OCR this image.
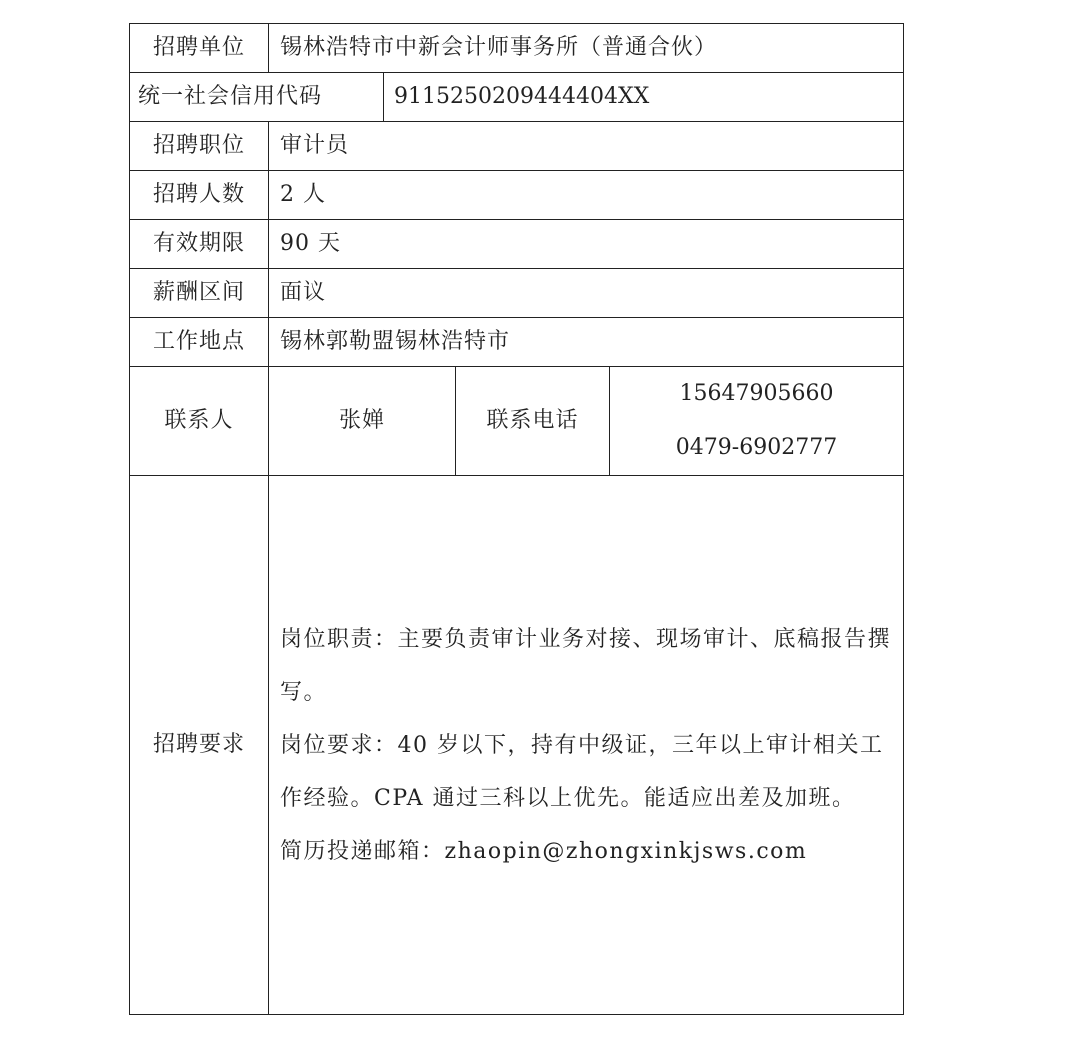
招聘单位	锡林浩特市中新会计师事务所（普通合伙）			
统一社会信用代码		9115250209444404XX		
招聘职位	审计员			
招聘人数	2 人			
有效期限	90 天			
薪酬区间	面议			
工作地点	锡林郭勒盟锡林浩特市			
联系人	张婵		联系电话	15647905660
0479-6902777

招聘要求	岗位职责：主要负责审计业务对接、现场审计、底稿报告撰写。

岗位要求：40 岁以下，持有中级证，三年以上审计相关工作经验。CPA 通过三科以上优先。能适应出差及加班。

简历投递邮箱：zhaopin@zhongxinkjsws.com			
